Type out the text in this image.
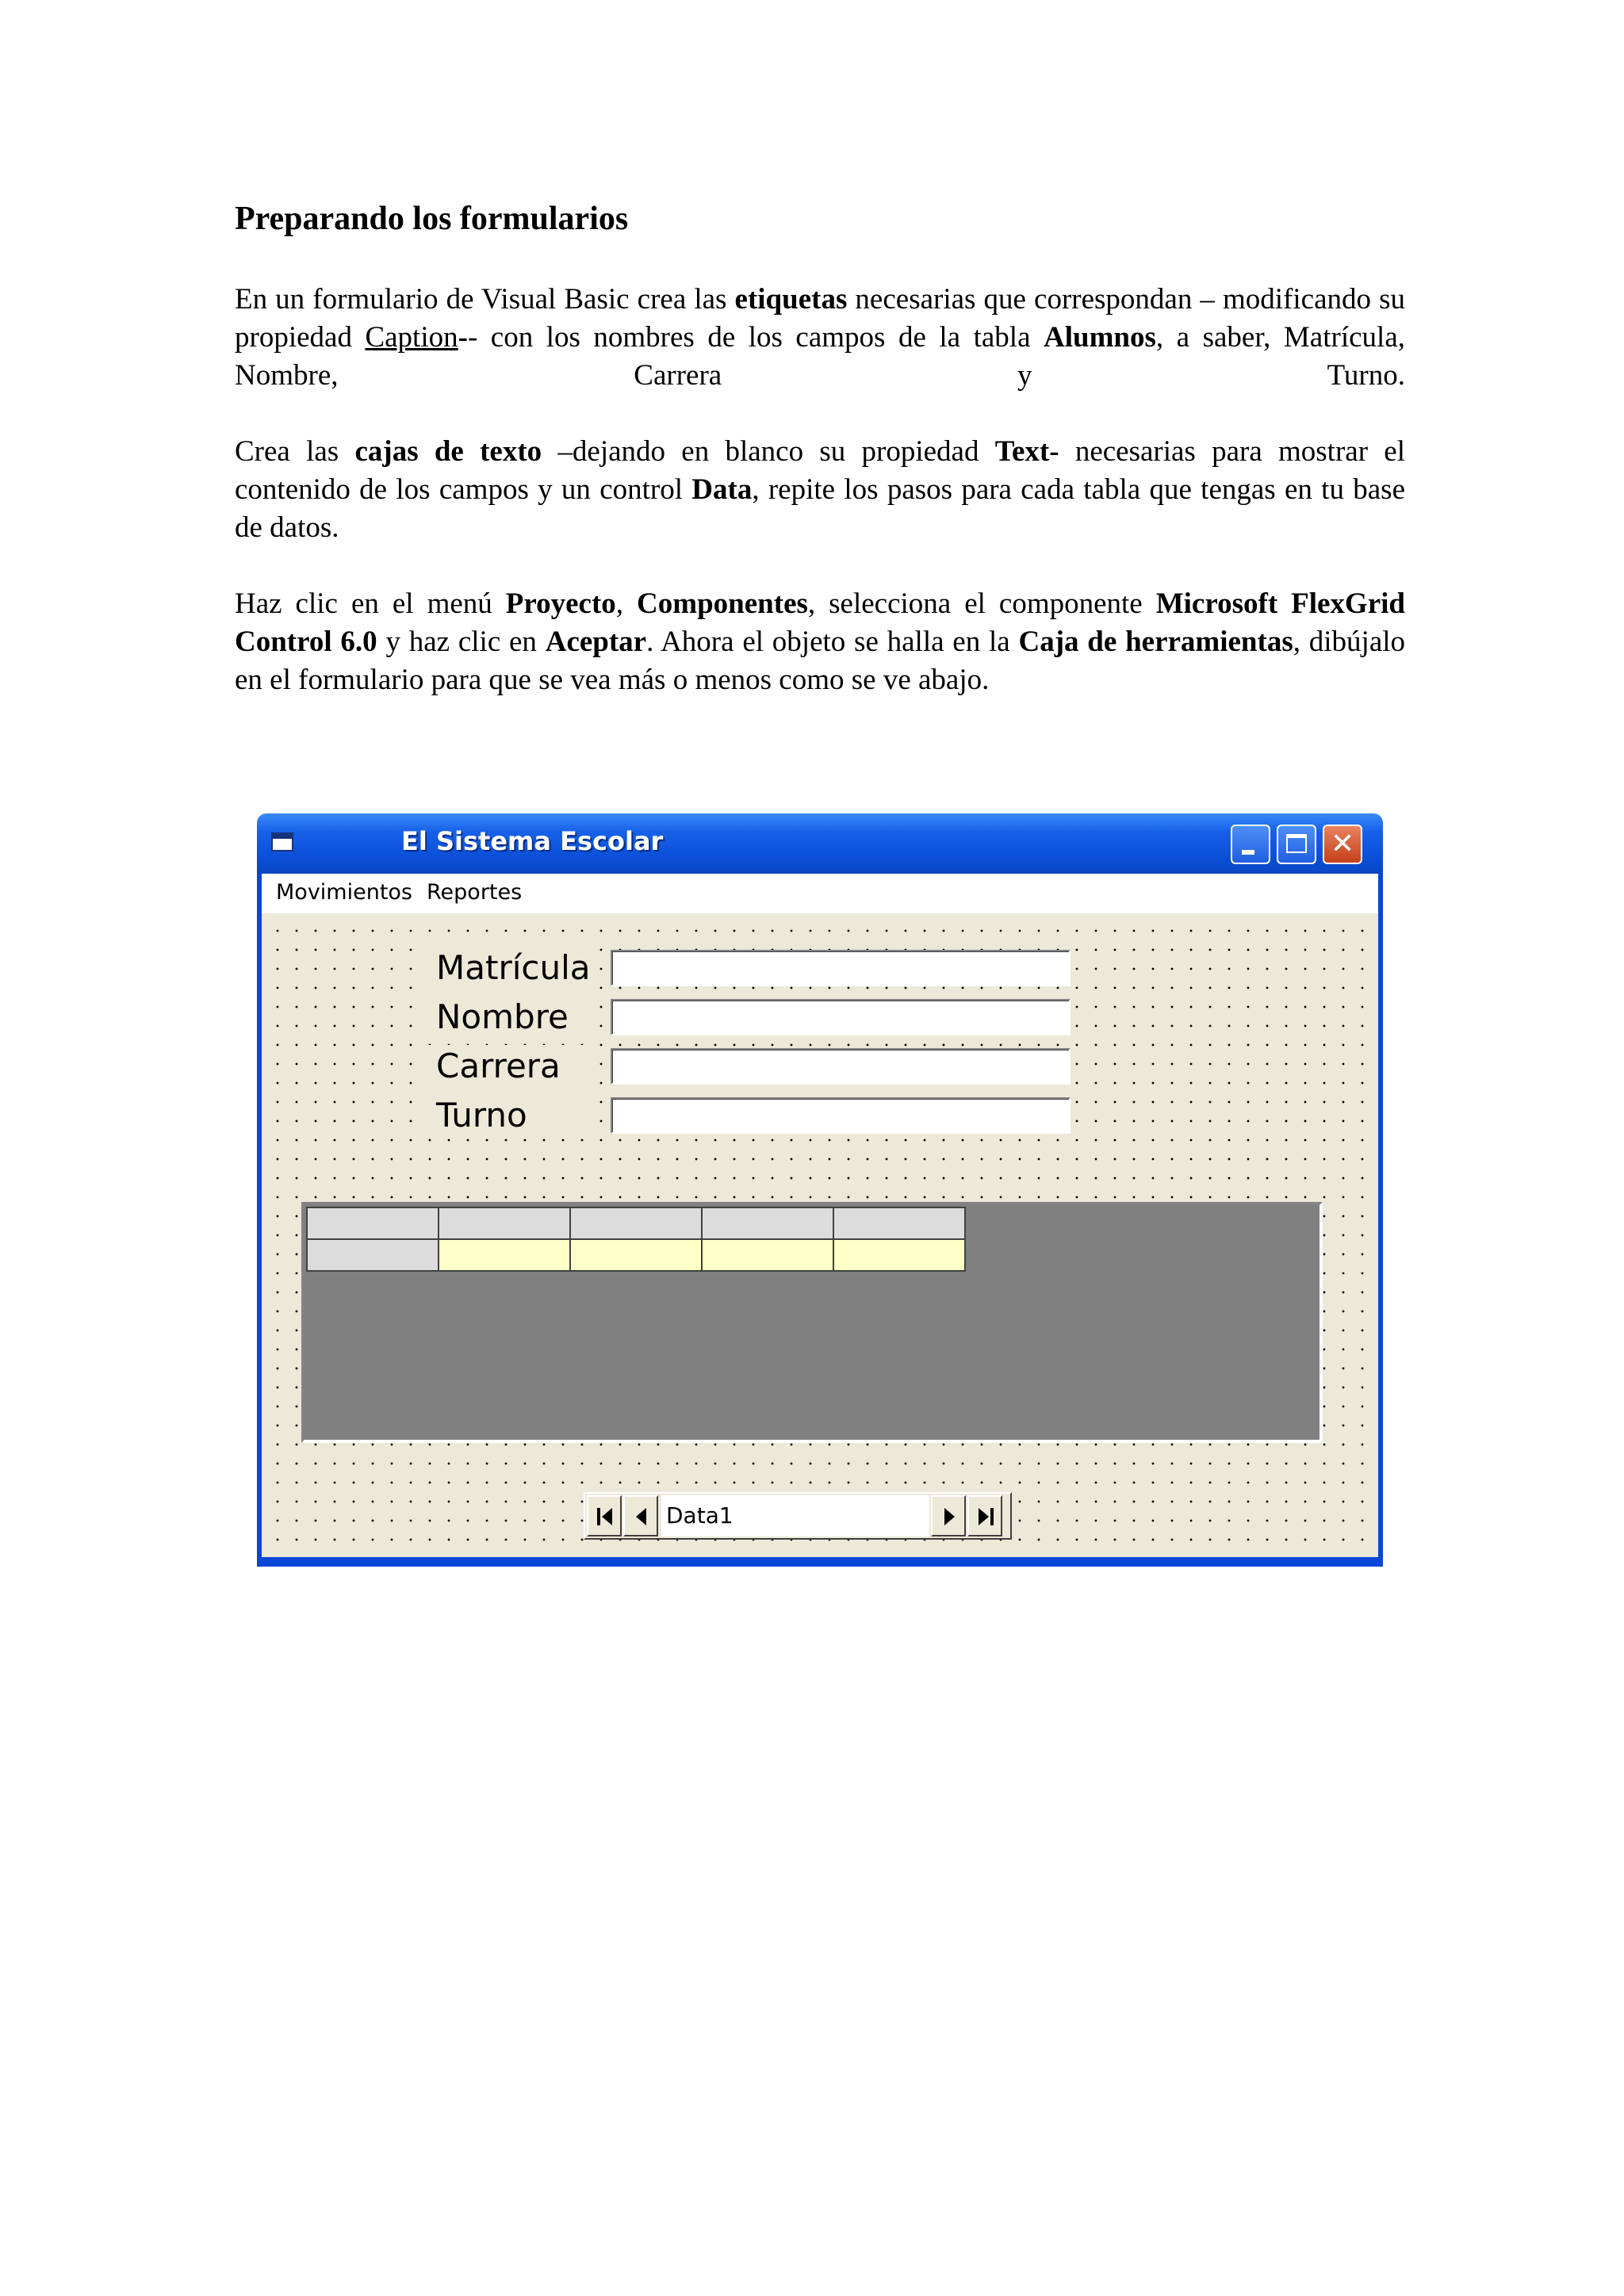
Preparando los formularios

En un formulario de Visual Basic crea las etiquetas necesarias que correspondan – modificando su propiedad Caption-- con los nombres de los campos de la tabla Alumnos, a saber, Matrícula, Nombre, Carrera y Turno.

Crea las cajas de texto –dejando en blanco su propiedad Text- necesarias para mostrar el contenido de los campos y un control Data, repite los pasos para cada tabla que tengas en tu base de datos.

Haz clic en el menú Proyecto, Componentes, selecciona el componente Microsoft FlexGrid Control 6.0 y haz clic en Aceptar. Ahora el objeto se halla en la Caja de herramientas, dibújalo en el formulario para que se vea más o menos como se ve abajo.

El Sistema Escolar	✕
Movimientos Reportes
Matrícula
Nombre
Carrera
Turno

Data1
